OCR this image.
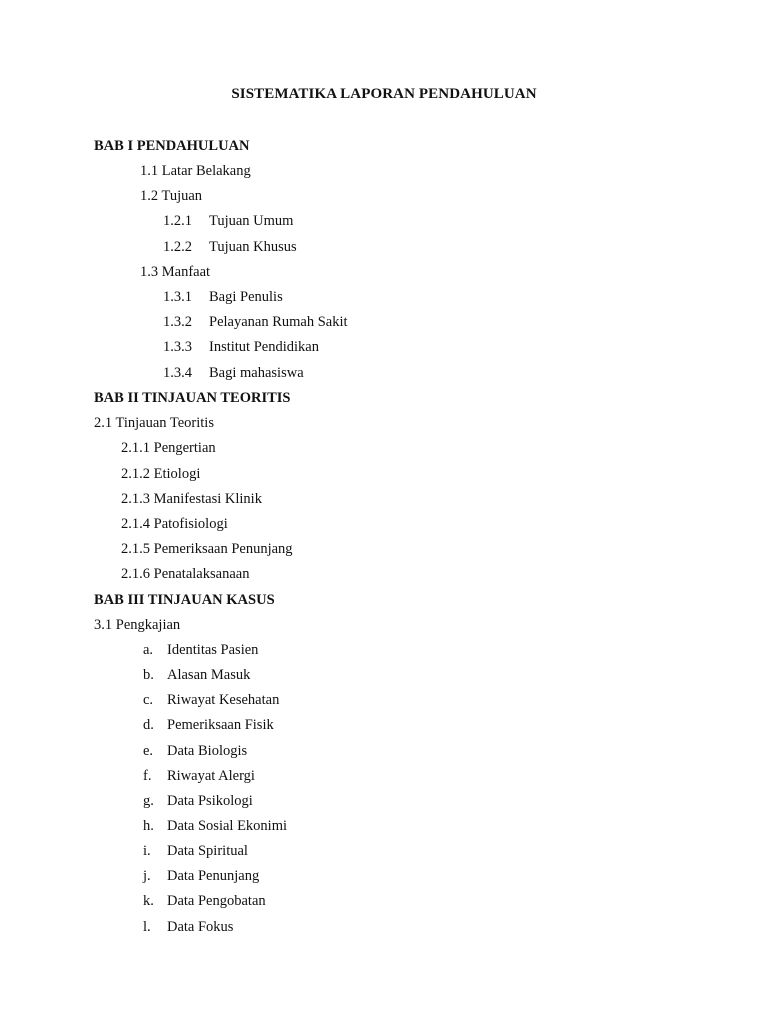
SISTEMATIKA LAPORAN PENDAHULUAN
BAB I PENDAHULUAN
1.1 Latar Belakang
1.2 Tujuan
1.2.1 Tujuan Umum
1.2.2 Tujuan Khusus
1.3 Manfaat
1.3.1 Bagi Penulis
1.3.2 Pelayanan Rumah Sakit
1.3.3 Institut Pendidikan
1.3.4 Bagi mahasiswa
BAB II TINJAUAN TEORITIS
2.1 Tinjauan Teoritis
2.1.1 Pengertian
2.1.2 Etiologi
2.1.3 Manifestasi Klinik
2.1.4 Patofisiologi
2.1.5 Pemeriksaan Penunjang
2.1.6 Penatalaksanaan
BAB III TINJAUAN KASUS
3.1 Pengkajian
a. Identitas Pasien
b. Alasan Masuk
c. Riwayat Kesehatan
d. Pemeriksaan Fisik
e. Data Biologis
f. Riwayat Alergi
g. Data Psikologi
h. Data Sosial Ekonimi
i. Data Spiritual
j. Data Penunjang
k. Data Pengobatan
l. Data Fokus
